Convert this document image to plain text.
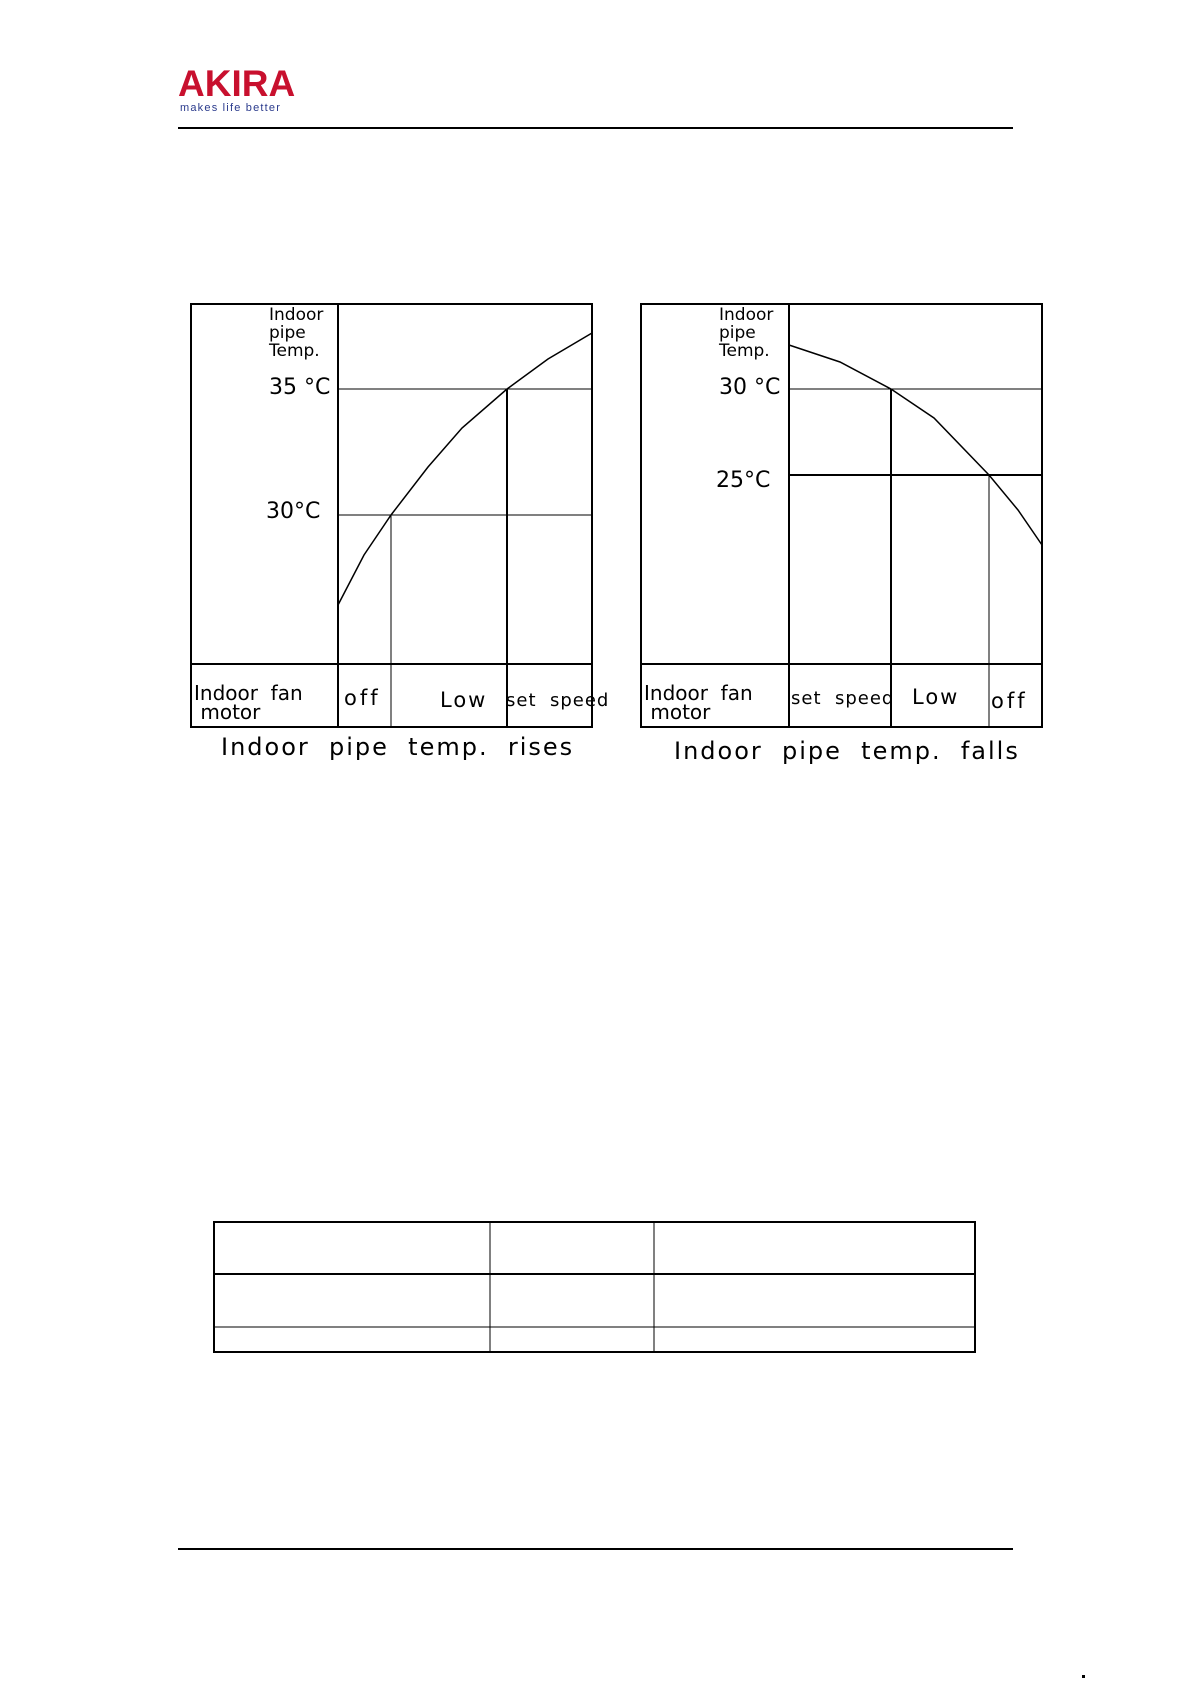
AKIRA
makes life better
Indoor
pipe
Temp.
35 °C
30°C
Indoor  fan
motor
off	Low set  speed
Indoor  pipe  temp.  rises
Indoor
pipe
Temp.
30 °C
25°C
Indoor  fan
motor
set  speed Low off
Indoor  pipe  temp.  falls
